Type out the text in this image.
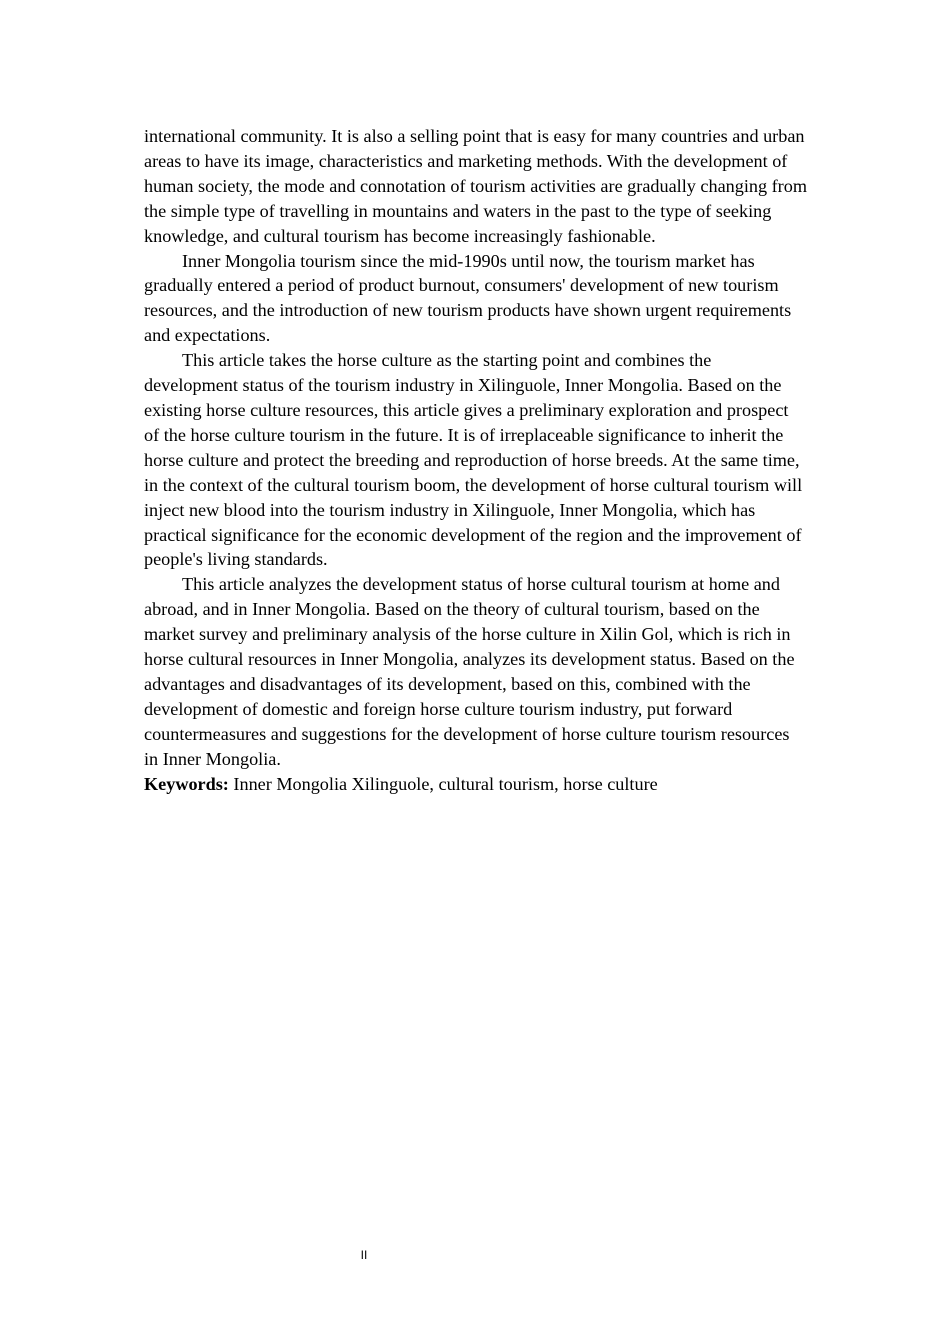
international community. It is also a selling point that is easy for many countries and urban areas to have its image, characteristics and marketing methods. With the development of human society, the mode and connotation of tourism activities are gradually changing from the simple type of travelling in mountains and waters in the past to the type of seeking knowledge, and cultural tourism has become increasingly fashionable.

Inner Mongolia tourism since the mid-1990s until now, the tourism market has gradually entered a period of product burnout, consumers' development of new tourism resources, and the introduction of new tourism products have shown urgent requirements and expectations.

This article takes the horse culture as the starting point and combines the development status of the tourism industry in Xilinguole, Inner Mongolia. Based on the existing horse culture resources, this article gives a preliminary exploration and prospect of the horse culture tourism in the future. It is of irreplaceable significance to inherit the horse culture and protect the breeding and reproduction of horse breeds. At the same time, in the context of the cultural tourism boom, the development of horse cultural tourism will inject new blood into the tourism industry in Xilinguole, Inner Mongolia, which has practical significance for the economic development of the region and the improvement of people's living standards.

This article analyzes the development status of horse cultural tourism at home and abroad, and in Inner Mongolia. Based on the theory of cultural tourism, based on the market survey and preliminary analysis of the horse culture in Xilin Gol, which is rich in horse cultural resources in Inner Mongolia, analyzes its development status. Based on the advantages and disadvantages of its development, based on this, combined with the development of domestic and foreign horse culture tourism industry, put forward countermeasures and suggestions for the development of horse culture tourism resources in Inner Mongolia.

Keywords: Inner Mongolia Xilinguole, cultural tourism, horse culture

II
